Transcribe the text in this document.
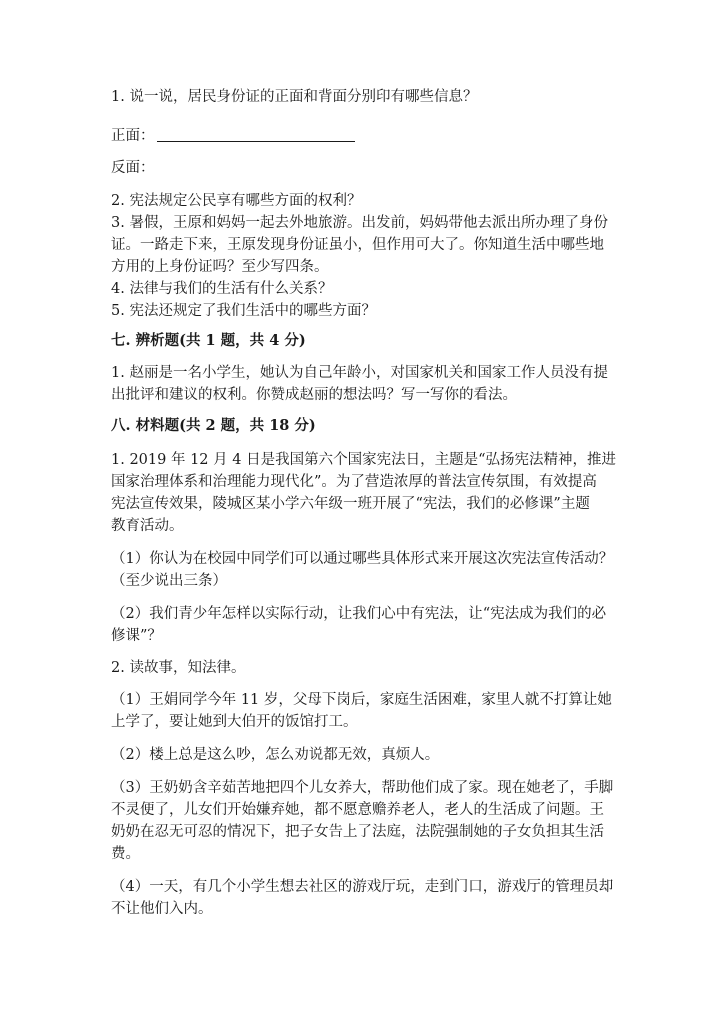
1. 说一说，居民身份证的正面和背面分别印有哪些信息？
正面：
反面：
2. 宪法规定公民享有哪些方面的权利？
3. 暑假，王原和妈妈一起去外地旅游。出发前，妈妈带他去派出所办理了身份
证。一路走下来，王原发现身份证虽小，但作用可大了。你知道生活中哪些地
方用的上身份证吗？至少写四条。
4. 法律与我们的生活有什么关系？
5. 宪法还规定了我们生活中的哪些方面？
七. 辨析题(共 1 题，共 4 分)
1. 赵丽是一名小学生，她认为自己年龄小，对国家机关和国家工作人员没有提
出批评和建议的权利。你赞成赵丽的想法吗？写一写你的看法。
八. 材料题(共 2 题，共 18 分)
1. 2019 年 12 月 4 日是我国第六个国家宪法日，主题是“弘扬宪法精神，推进
国家治理体系和治理能力现代化”。为了营造浓厚的普法宣传氛围，有效提高
宪法宣传效果，陵城区某小学六年级一班开展了“宪法，我们的必修课”主题
教育活动。
（1）你认为在校园中同学们可以通过哪些具体形式来开展这次宪法宣传活动？
（至少说出三条）
（2）我们青少年怎样以实际行动，让我们心中有宪法，让“宪法成为我们的必
修课”？
2. 读故事，知法律。
（1）王娟同学今年 11 岁，父母下岗后，家庭生活困难，家里人就不打算让她
上学了，要让她到大伯开的饭馆打工。
（2）楼上总是这么吵，怎么劝说都无效，真烦人。
（3）王奶奶含辛茹苦地把四个儿女养大，帮助他们成了家。现在她老了，手脚
不灵便了，儿女们开始嫌弃她，都不愿意赡养老人，老人的生活成了问题。王
奶奶在忍无可忍的情况下，把子女告上了法庭，法院强制她的子女负担其生活
费。
（4）一天，有几个小学生想去社区的游戏厅玩，走到门口，游戏厅的管理员却
不让他们入内。
